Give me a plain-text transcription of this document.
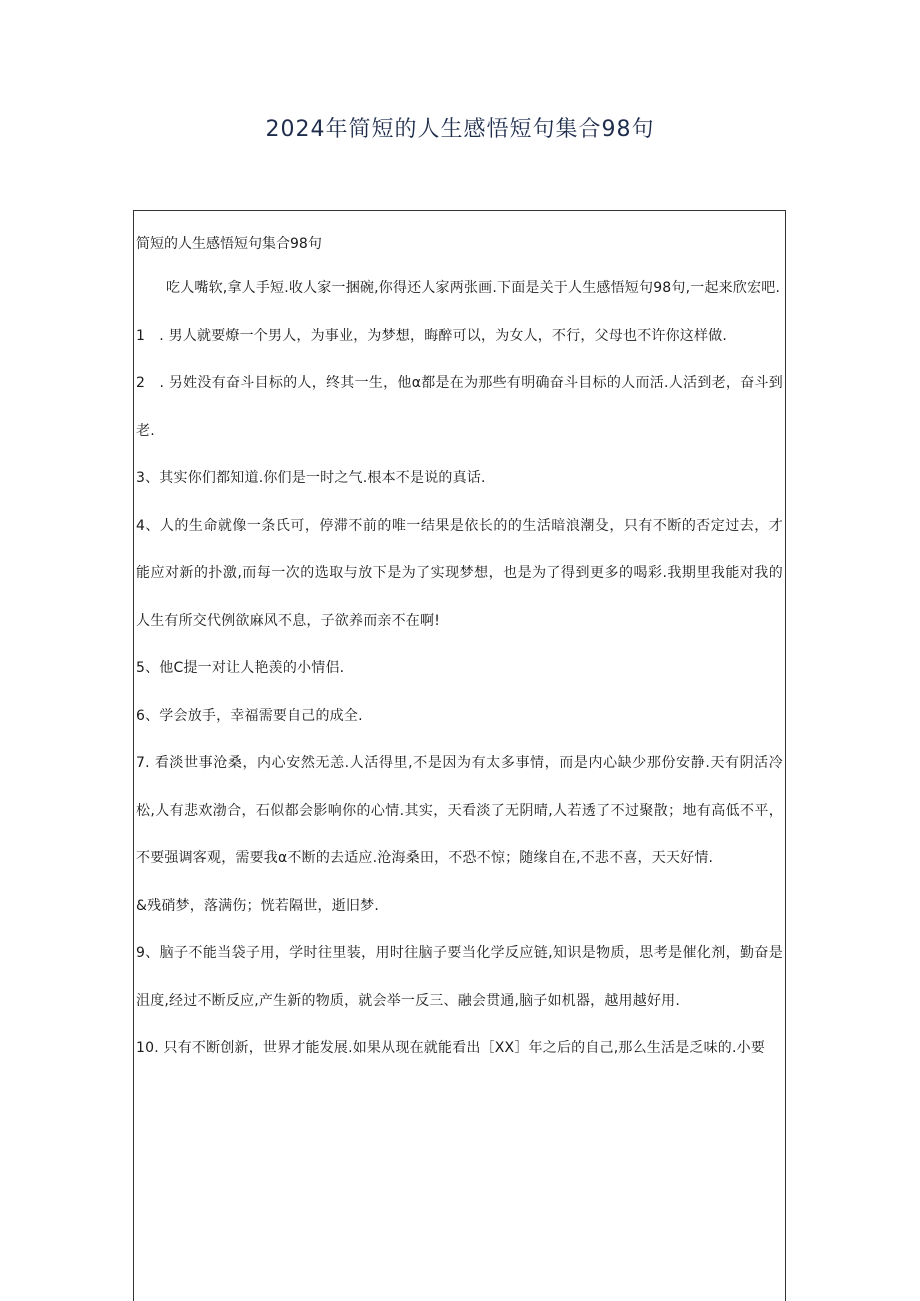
2024年简短的人生感悟短句集合98句
简短的人生感悟短句集合98句

吃人嘴软,拿人手短.收人家一捆碗,你得还人家两张画.下面是关于人生感悟短句98句,一起来欣宏吧.

1　. 男人就要燎一个男人，为事业，为梦想，晦醉可以，为女人，不行，父母也不许你这样做.

2　. 另姓没有奋斗目标的人，终其一生，他α都是在为那些有明确奋斗目标的人而活.人活到老，奋斗到老.

3、其实你们都知道.你们是一时之气.根本不是说的真话.

4、人的生命就像一条氏可，停滞不前的唯一结果是依长的的生活暗浪潮殳，只有不断的否定过去，才能应对新的扑激,而每一次的选取与放下是为了实现梦想，也是为了得到更多的喝彩.我期里我能对我的人生有所交代例欲麻风不息，子欲养而亲不在啊!

5、他C提一对让人艳羡的小情侣.

6、学会放手，幸福需要自己的成全.

7. 看淡世事沧桑，内心安然无恙.人活得里,不是因为有太多事情，而是内心缺少那份安静.天有阴活冷松,人有悲欢渤合，石似都会影响你的心情.其实，天看淡了无阴晴,人若透了不过聚散；地有高低不平，不要强调客观，需要我α不断的去适应.沧海桑田，不恐不惊；随缘自在,不悲不喜，天天好情.

&残硝梦，落满伤；恍若隔世，逝旧梦.

9、脑子不能当袋子用，学时往里装，用时往脑子要当化学反应链,知识是物质，思考是催化剂，勤奋是沮度,经过不断反应,产生新的物质，就会举一反三、融会贯通,脑子如机器，越用越好用.

10. 只有不断创新，世界才能发展.如果从现在就能看出［XX］年之后的自己,那么生活是乏味的.小要
